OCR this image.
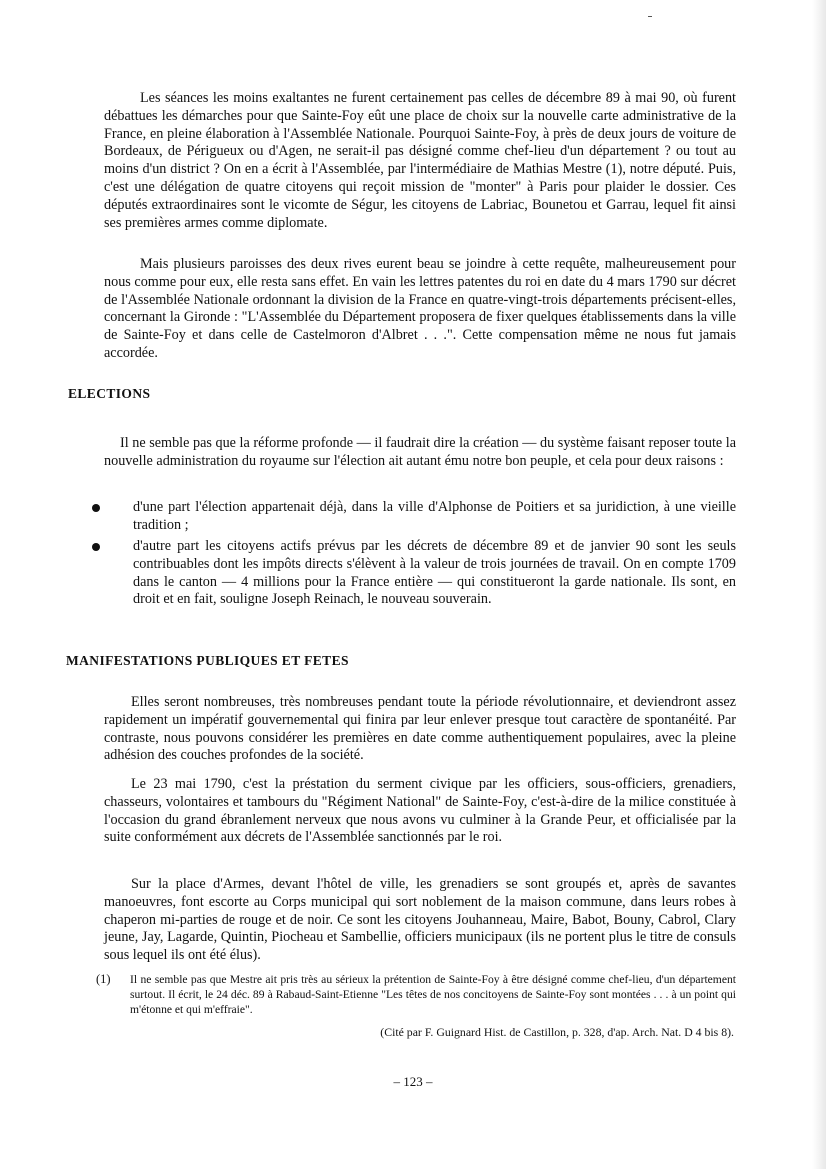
Les séances les moins exaltantes ne furent certainement pas celles de décembre 89 à mai 90, où furent débattues les démarches pour que Sainte-Foy eût une place de choix sur la nouvelle carte administrative de la France, en pleine élaboration à l'Assemblée Nationale. Pourquoi Sainte-Foy, à près de deux jours de voiture de Bordeaux, de Périgueux ou d'Agen, ne serait-il pas désigné comme chef-lieu d'un département ? ou tout au moins d'un district ? On en a écrit à l'Assemblée, par l'intermédiaire de Mathias Mestre (1), notre député. Puis, c'est une délégation de quatre citoyens qui reçoit mission de "monter" à Paris pour plaider le dossier. Ces députés extraordinaires sont le vicomte de Ségur, les citoyens de Labriac, Bounetou et Garrau, lequel fit ainsi ses premières armes comme diplomate.

Mais plusieurs paroisses des deux rives eurent beau se joindre à cette requête, malheureusement pour nous comme pour eux, elle resta sans effet. En vain les lettres patentes du roi en date du 4 mars 1790 sur décret de l'Assemblée Nationale ordonnant la division de la France en quatre-vingt-trois départements précisent-elles, concernant la Gironde : "L'Assemblée du Département proposera de fixer quelques établissements dans la ville de Sainte-Foy et dans celle de Castelmoron d'Albret . . .". Cette compensation même ne nous fut jamais accordée.

ELECTIONS

Il ne semble pas que la réforme profonde — il faudrait dire la création — du système faisant reposer toute la nouvelle administration du royaume sur l'élection ait autant ému notre bon peuple, et cela pour deux raisons :

d'une part l'élection appartenait déjà, dans la ville d'Alphonse de Poitiers et sa juridiction, à une vieille tradition ;

d'autre part les citoyens actifs prévus par les décrets de décembre 89 et de janvier 90 sont les seuls contribuables dont les impôts directs s'élèvent à la valeur de trois journées de travail. On en compte 1709 dans le canton — 4 millions pour la France entière — qui constitueront la garde nationale. Ils sont, en droit et en fait, souligne Joseph Reinach, le nouveau souverain.

MANIFESTATIONS PUBLIQUES ET FETES

Elles seront nombreuses, très nombreuses pendant toute la période révolutionnaire, et deviendront assez rapidement un impératif gouvernemental qui finira par leur enlever presque tout caractère de spontanéité. Par contraste, nous pouvons considérer les premières en date comme authentiquement populaires, avec la pleine adhésion des couches profondes de la société.

Le 23 mai 1790, c'est la préstation du serment civique par les officiers, sous-officiers, grenadiers, chasseurs, volontaires et tambours du "Régiment National" de Sainte-Foy, c'est-à-dire de la milice constituée à l'occasion du grand ébranlement nerveux que nous avons vu culminer à la Grande Peur, et officialisée par la suite conformément aux décrets de l'Assemblée sanctionnés par le roi.

Sur la place d'Armes, devant l'hôtel de ville, les grenadiers se sont groupés et, après de savantes manoeuvres, font escorte au Corps municipal qui sort noblement de la maison commune, dans leurs robes à chaperon mi-parties de rouge et de noir. Ce sont les citoyens Jouhanneau, Maire, Babot, Bouny, Cabrol, Clary jeune, Jay, Lagarde, Quintin, Piocheau et Sambellie, officiers municipaux (ils ne portent plus le titre de consuls sous lequel ils ont été élus).

(1) Il ne semble pas que Mestre ait pris très au sérieux la prétention de Sainte-Foy à être désigné comme chef-lieu, d'un département surtout. Il écrit, le 24 déc. 89 à Rabaud-Saint-Etienne "Les têtes de nos concitoyens de Sainte-Foy sont montées . . . à un point qui m'étonne et qui m'effraie".

(Cité par F. Guignard Hist. de Castillon, p. 328, d'ap. Arch. Nat. D 4 bis 8).

– 123 –
